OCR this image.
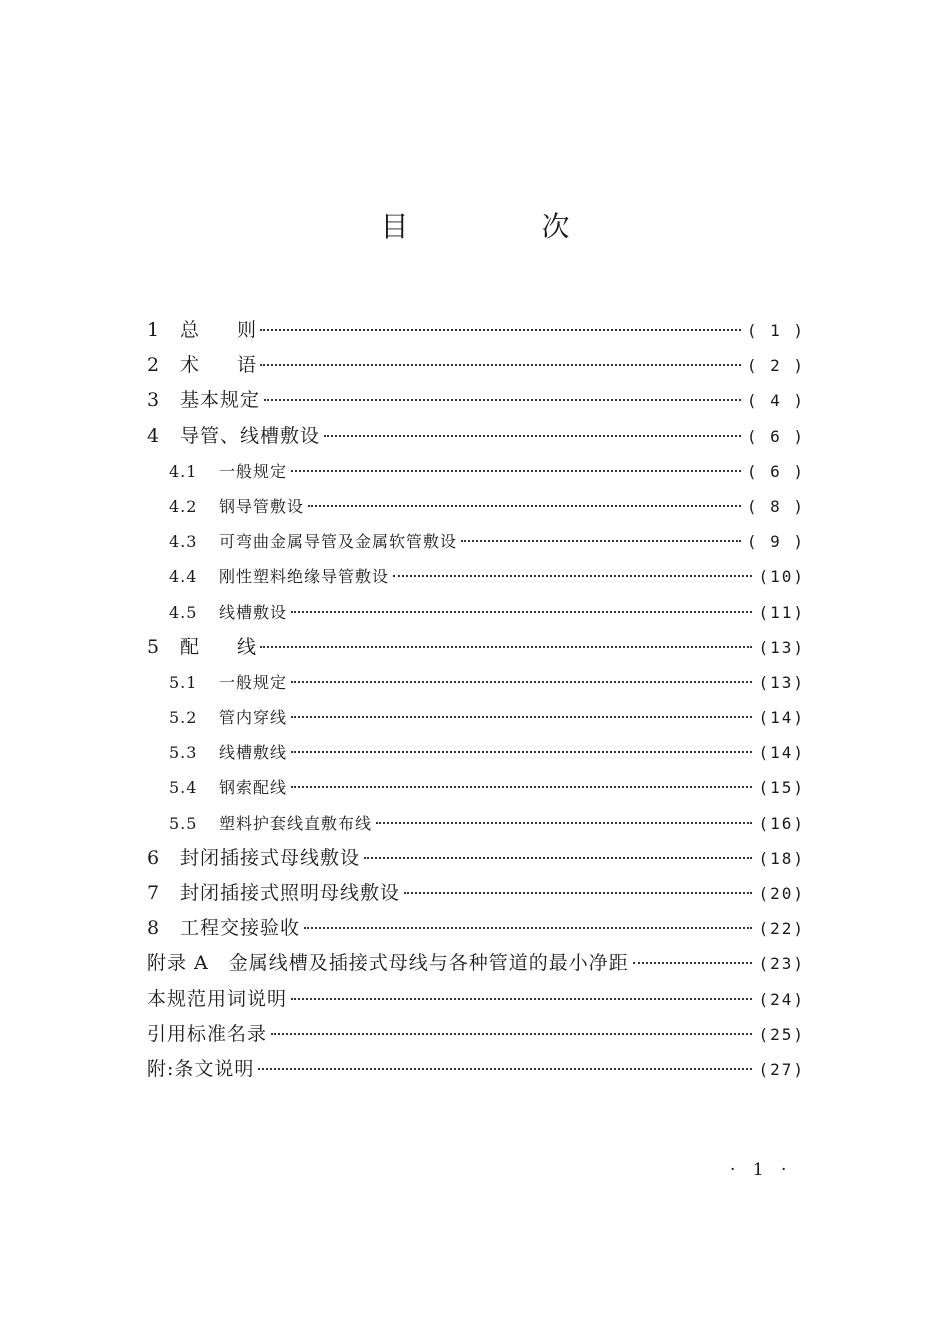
目 次
1	总　　则	( 1 )
2	术　　语	( 2 )
3	基本规定	( 4 )
4	导管、线槽敷设	( 6 )
4.1	一般规定	( 6 )
4.2	钢导管敷设	( 8 )
4.3	可弯曲金属导管及金属软管敷设	( 9 )
4.4	刚性塑料绝缘导管敷设	(10)
4.5	线槽敷设	(11)
5	配　　线	(13)
5.1	一般规定	(13)
5.2	管内穿线	(14)
5.3	线槽敷线	(14)
5.4	钢索配线	(15)
5.5	塑料护套线直敷布线	(16)
6	封闭插接式母线敷设	(18)
7	封闭插接式照明母线敷设	(20)
8	工程交接验收	(22)
附录 A　金属线槽及插接式母线与各种管道的最小净距	(23)
本规范用词说明	(24)
引用标准名录	(25)
附:条文说明	(27)
· 1 ·
